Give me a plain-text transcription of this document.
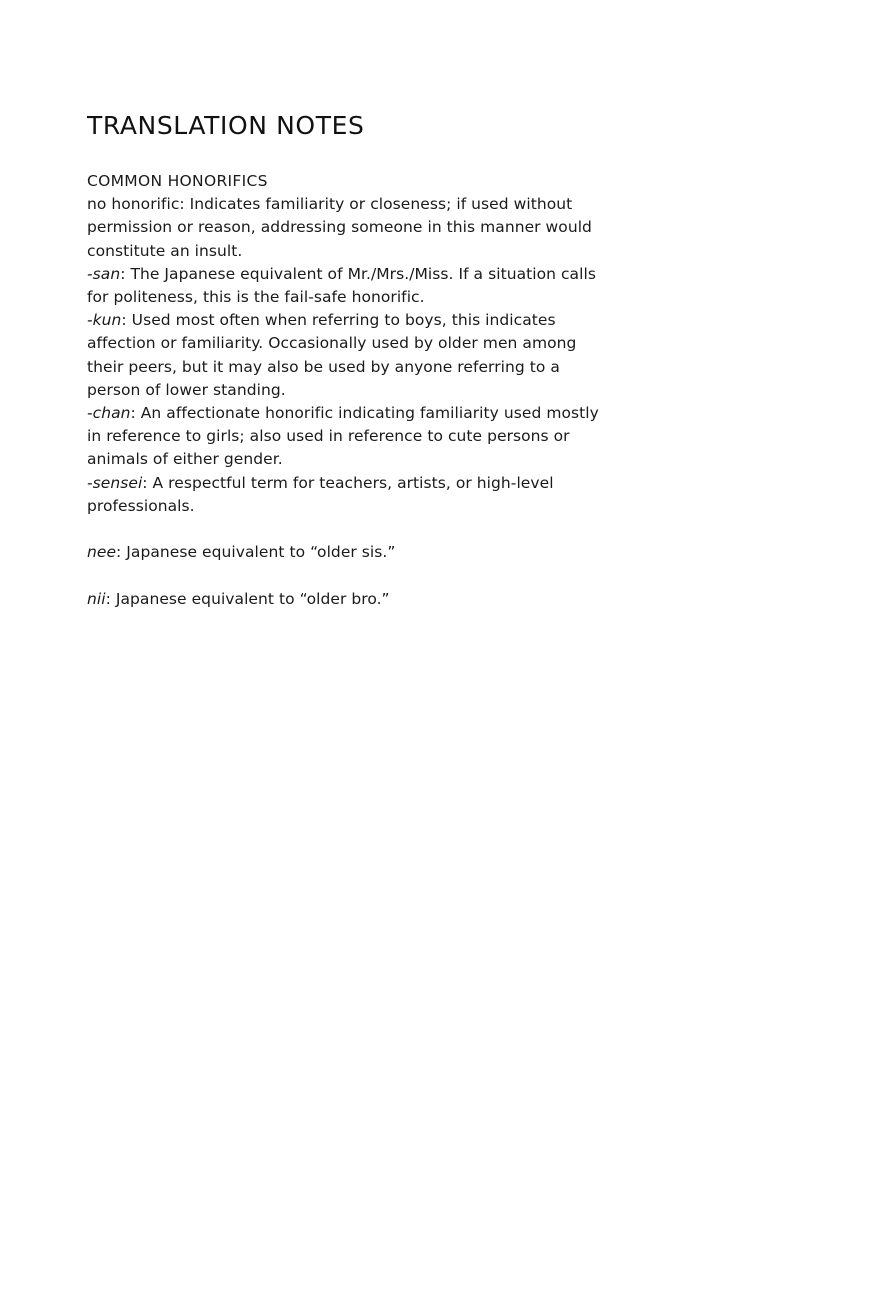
TRANSLATION NOTES

COMMON HONORIFICS

no honorific: Indicates familiarity or closeness; if used without permission or reason, addressing someone in this manner would constitute an insult.

-san: The Japanese equivalent of Mr./Mrs./Miss. If a situation calls for politeness, this is the fail-safe honorific.

-kun: Used most often when referring to boys, this indicates affection or familiarity. Occasionally used by older men among their peers, but it may also be used by anyone referring to a person of lower standing.

-chan: An affectionate honorific indicating familiarity used mostly in reference to girls; also used in reference to cute persons or animals of either gender.

-sensei: A respectful term for teachers, artists, or high-level professionals.

nee: Japanese equivalent to “older sis.”

nii: Japanese equivalent to “older bro.”
